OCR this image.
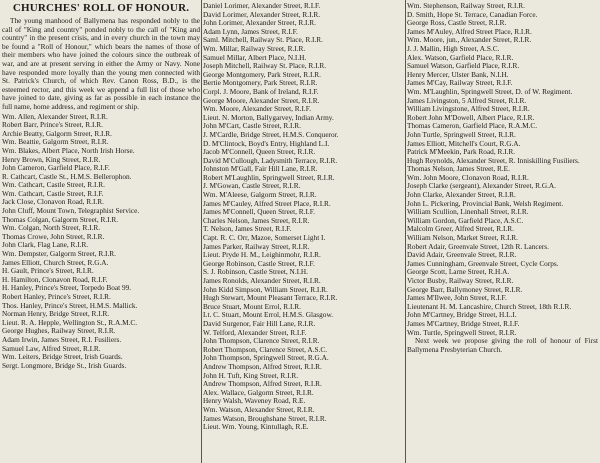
CHURCHES' ROLL OF HONOUR.

The young manhood of Ballymena has responded nobly to the call of "King and country" ponded nobly to the call of "King and country" in the present crisis, and in every church in the town may be found a "Roll of Honour," which bears the names of those of their members who have joined the colours since the outbreak of war, and are at present serving in either the Army or Navy. None have responded more loyally than the young men connected with St. Patrick's Church, of which Rev. Canon Ross, B.D., is the esteemed rector, and this week we append a full list of those who have joined to date, giving as far as possible in each instance the full name, home address, and regiment or ship.

Wm. Allen, Alexander Street, R.I.R.
Robert Barr, Prince's Street, R.I.R.
Archie Beatty, Galgorm Street, R.I.R.
Wm. Beattie, Galgorm Street, R.I.R.
Wm. Blakes, Albert Place, North Irish Horse.
Henry Brown, King Street, R.I.R.
John Cameron, Garfield Place, R.I.F.
R. Cathcart, Castle St., H.M.S. Bellerophon.
Wm. Cathcart, Castle Street, R.I.R.
Wm. Cathcart, Castle Street, R.I.F.
Jack Close, Clonavon Road, R.I.R.
John Cluff, Mount Town, Telegraphist Service.
Thomas Colgan, Galgorm Street, R.I.R.
Wm. Colgan, North Street, R.I.R.
Thomas Crowe, John Street, R.I.R.
John Clark, Flag Lane, R.I.R.
Wm. Dempster, Galgorm Street, R.I.R.
James Elliott, Church Street, R.G.A.
H. Gault, Prince's Street, R.I.R.
H. Hamilton, Clonavon Road, R.I.F.
H. Hanley, Prince's Street, Torpedo Boat 99.
Robert Hanley, Prince's Street, R.I.R.
Thos. Hanley, Prince's Street, H.M.S. Mallick.
Norman Henry, Bridge Street, R.I.R.
Lieut. R. A. Hepple, Wellington St., R.A.M.C.
George Hughes, Railway Street, R.I.R.
Adam Irwin, James Street, R.I. Fusiliers.
Samuel Law, Alfred Street, R.I.R.
Wm. Leiters, Bridge Street, Irish Guards.
Sergt. Longmore, Bridge St., Irish Guards.
Daniel Lorimer, Alexander Street, R.I.F.
David Lorimer, Alexander Street, R.I.R.
John Lorimer, Alexander Street, R.I.R.
Adam Lynn, James Street, R.I.F.
Saml. Mitchell, Railway St. Place, R.I.R.
Wm. Millar, Railway Street, R.I.R.
Samuel Millar, Albert Place, N.I.H.
Joseph Mitchell, Railway St. Place, R.I.R.
George Montgomery, Park Street, R.I.R.
Bertie Montgomery, Park Street, R.I.R.
Corpl. J. Moore, Bank of Ireland, R.I.F.
George Moore, Alexander Street, R.I.R.
Wm. Moore, Alexander Street, R.I.F.
Lieut. N. Morton, Ballygarvey, Indian Army.
John M'Cart, Castle Street, R.I.R.
J. M'Cardle, Bridge Street, H.M.S. Conqueror.
D. M'Clintock, Boyd's Entry, Highland L.I.
Jacob M'Connell, Queen Street, R.I.R.
David M'Cullough, Ladysmith Terrace, R.I.R.
Johnston M'Gall, Fair Hill Lane, R.I.R.
Robert M'Laughlin, Springwell Street, R.I.R.
J. M'Gowan, Castle Street, R.I.R.
Wm. M'Aleese, Galgorm Street, R.I.R.
James M'Cauley, Alfred Street Place, R.I.R.
James M'Connell, Queen Street, R.I.F.
Charles Nelson, James Street, R.I.R.
T. Nelson, James Street, R.I.F.
Capt. R. C. Orr, Mazoe, Somerset Light I.
James Parker, Railway Street, R.I.R.
Lieut. Pryde H. M., Leighinmohr, R.I.R.
George Robinson, Castle Street, R.I.F.
S. J. Robinson, Castle Street, N.I.H.
James Ronolds, Alexander Street, R.I.R.
John Kidd Simpson, William Street, R.I.R.
Hugh Stewart, Mount Pleasant Terrace, R.I.R.
Bruce Stuart, Mount Errol, R.I.R.
Lt. C. Stuart, Mount Errol, H.M.S. Glasgow.
David Surgenor, Fair Hill Lane, R.I.R.
W. Telford, Alexander Street, R.I.F.
John Thompson, Clarence Street, R.I.R.
Robert Thompson, Clarence Street, A.S.C.
John Thompson, Springwell Street, R.G.A.
Andrew Thompson, Alfred Street, R.I.R.
John H. Tuft, King Street, R.I.R.
Andrew Thompson, Alfred Street, R.I.R.
Alex. Wallace, Galgorm Street, R.I.R.
Henry Walsh, Waveney Road, R.E.
Wm. Watson, Alexander Street, R.I.R.
James Watson, Broughshane Street, R.I.R.
Lieut. Wm. Young, Kintullagh, R.E.
Wm. Stephenson, Railway Street, R.I.R.
D. Smith, Hope St. Terrace, Canadian Force.
George Ross, Castle Street, R.I.R.
James M'Auley, Alfred Street Place, R.I.R.
Wm. Moore, jun., Alexander Street, R.I.R.
J. J. Mallin, High Street, A.S.C.
Alex. Watson, Garfield Place, R.I.R.
Samuel Watson, Garfield Place, R.I.R.
Henry Mercer, Ulster Bank, N.I.H.
James M'Cay, Railway Street, R.I.F.
Wm. M'Laughlin, Springwell Street, D. of W. Regiment.
James Livingston, 5 Alfred Street, R.I.R.
William Livingstone, Alfred Street, R.I.R.
Robert John M'Dowell, Albert Place, R.I.R.
Thomas Cameron, Garfield Place, R.A.M.C.
John Turtle, Springwell Street, R.I.R.
James Elliott, Mitchell's Court, R.G.A.
Patrick M'Meekin, Park Road, R.I.R.
Hugh Reynolds, Alexander Street, R. Inniskilling Fusiliers.
Thomas Nelson, James Street, R.E.
Wm. John Moore, Clonavon Road, R.I.R.
Joseph Clarke (sergeant), Alexander Street, R.G.A.
John Clarke, Alexander Street, R.I.R.
John L. Pickering, Provincial Bank, Welsh Regiment.
William Scullion, Linenhall Street, R.I.R.
William Gordon, Garfield Place, A.S.C.
Malcolm Greer, Alfred Street, R.I.R.
William Nelson, Market Street, R.I.R.
Robert Adair, Greenvale Street, 12th R. Lancers.
David Adair, Greenvale Street, R.I.R.
James Cunningham, Greenvale Street, Cycle Corps.
George Scott, Larne Street, R.H.A.
Victor Busby, Railway Street, R.I.R.
George Barr, Ballymoney Street, R.I.R.
James M'Ilwee, John Street, R.I.F.
Lieutenant H. M. Lancashire, Church Street, 18th R.I.R.
John M'Cartney, Bridge Street, H.L.I.
James M'Cartney, Bridge Street, R.I.F.
Wm. Turtle, Springwell Street, R.I.R.

Next week we propose giving the roll of honour of First Ballymena Presbyterian Church.
